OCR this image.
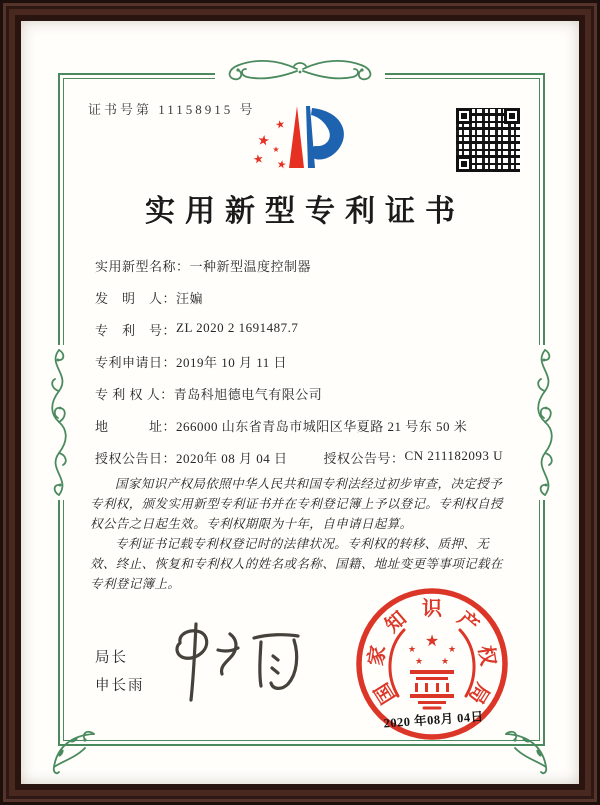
证书号第 11158915 号
★
★ ★
★ ★
实用新型专利证书
实用新型名称： 一种新型温度控制器
发　明　人： 汪媥
专　利　号： ZL 2020 2 1691487.7
专利申请日： 2019年 10 月 11 日
专 利 权 人： 青岛科旭德电气有限公司
地　　　址： 266000 山东省青岛市城阳区华夏路 21 号东 50 米
授权公告日： 2020年 08 月 04 日	授权公告号： CN 211182093 U

国家知识产权局依照中华人民共和国专利法经过初步审查，决定授予专利权，颁发实用新型专利证书并在专利登记簿上予以登记。专利权自授权公告之日起生效。专利权期限为十年，自申请日起算。

专利证书记载专利权登记时的法律状况。专利权的转移、质押、无效、终止、恢复和专利权人的姓名或名称、国籍、地址变更等事项记载在专利登记簿上。

局长
申长雨	国
家
知 识 产
权
局
★
★	★
★ ★
2020 年08月 04日
